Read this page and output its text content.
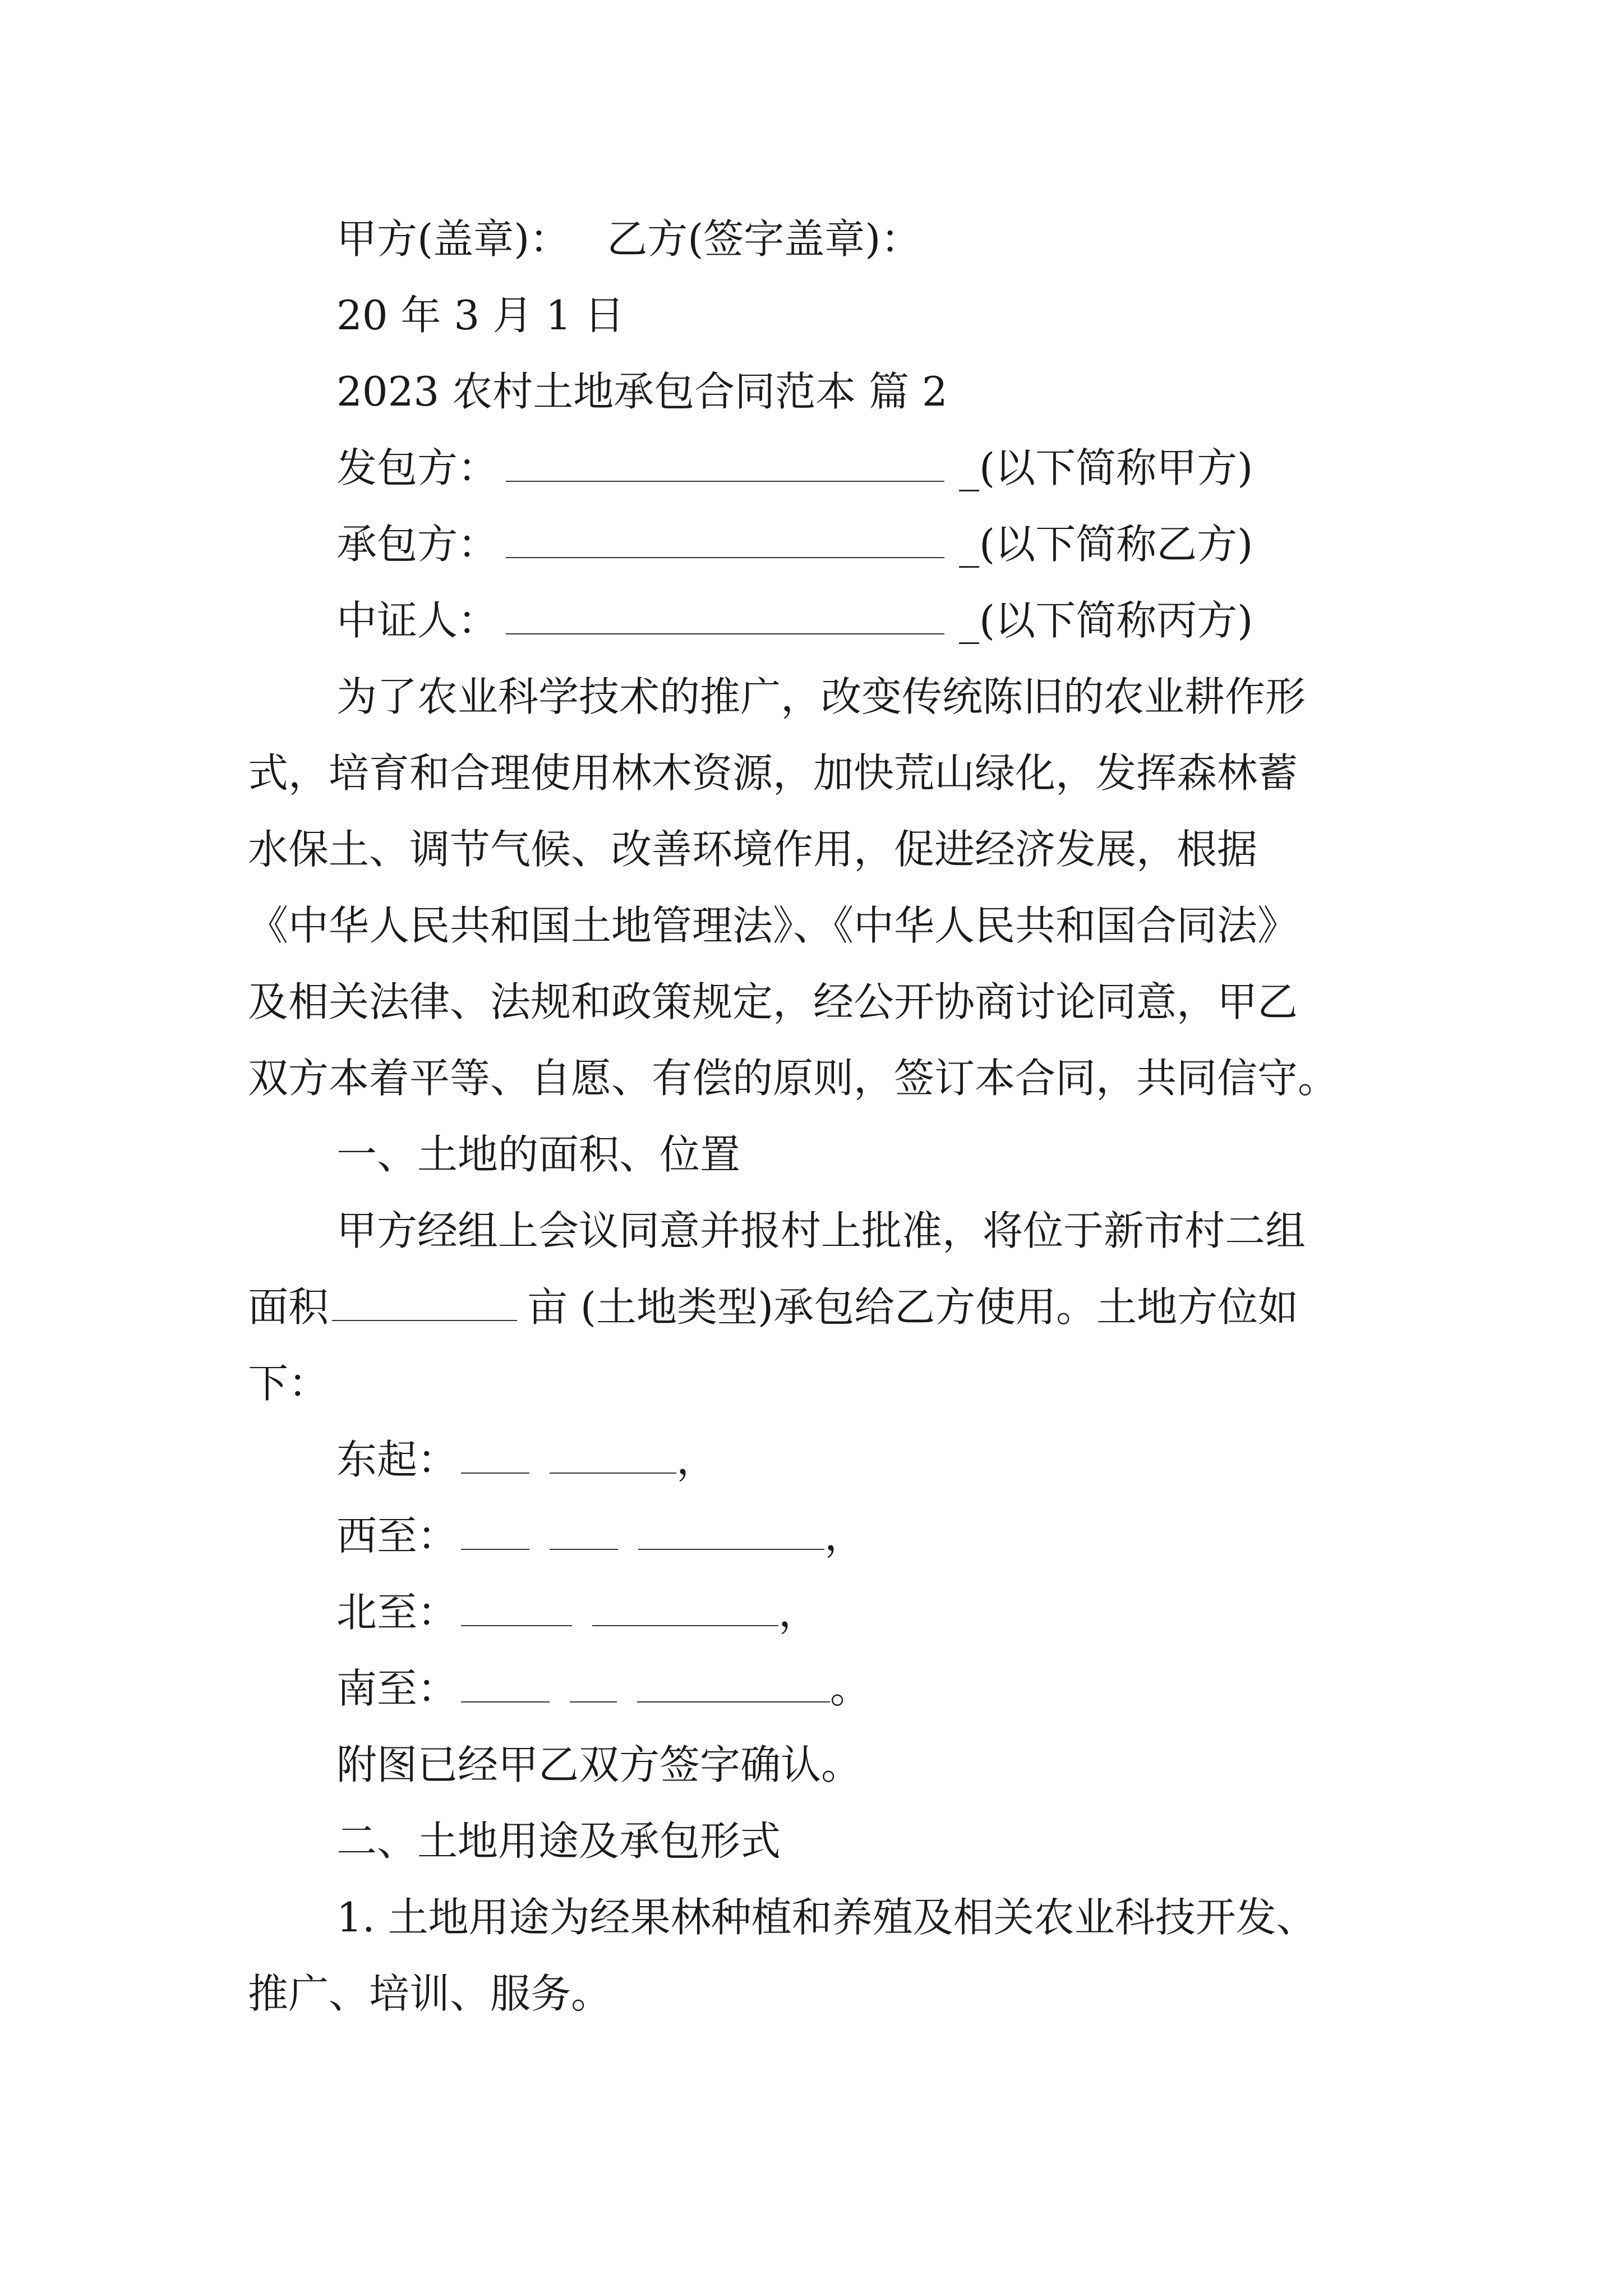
甲方(盖章)： 乙方(签字盖章)：
20 年 3 月 1 日
2023 农村土地承包合同范本 篇 2
发包方：	_(以下简称甲方)
承包方：	_(以下简称乙方)
中证人：	_(以下简称丙方)
为了农业科学技术的推广，改变传统陈旧的农业耕作形
式，培育和合理使用林木资源，加快荒山绿化，发挥森林蓄
水保土、调节气候、改善环境作用，促进经济发展，根据
《中华人民共和国土地管理法》、《中华人民共和国合同法》
及相关法律、法规和政策规定，经公开协商讨论同意，甲乙
双方本着平等、自愿、有偿的原则，签订本合同，共同信守。
一、土地的面积、位置
甲方经组上会议同意并报村上批准，将位于新市村二组
面积	亩 (土地类型)承包给乙方使用。土地方位如
下：
东起：	，
西至：	，
北至：	，
南至：	。
附图已经甲乙双方签字确认。
二、土地用途及承包形式
1. 土地用途为经果林种植和养殖及相关农业科技开发、
推广、培训、服务。
